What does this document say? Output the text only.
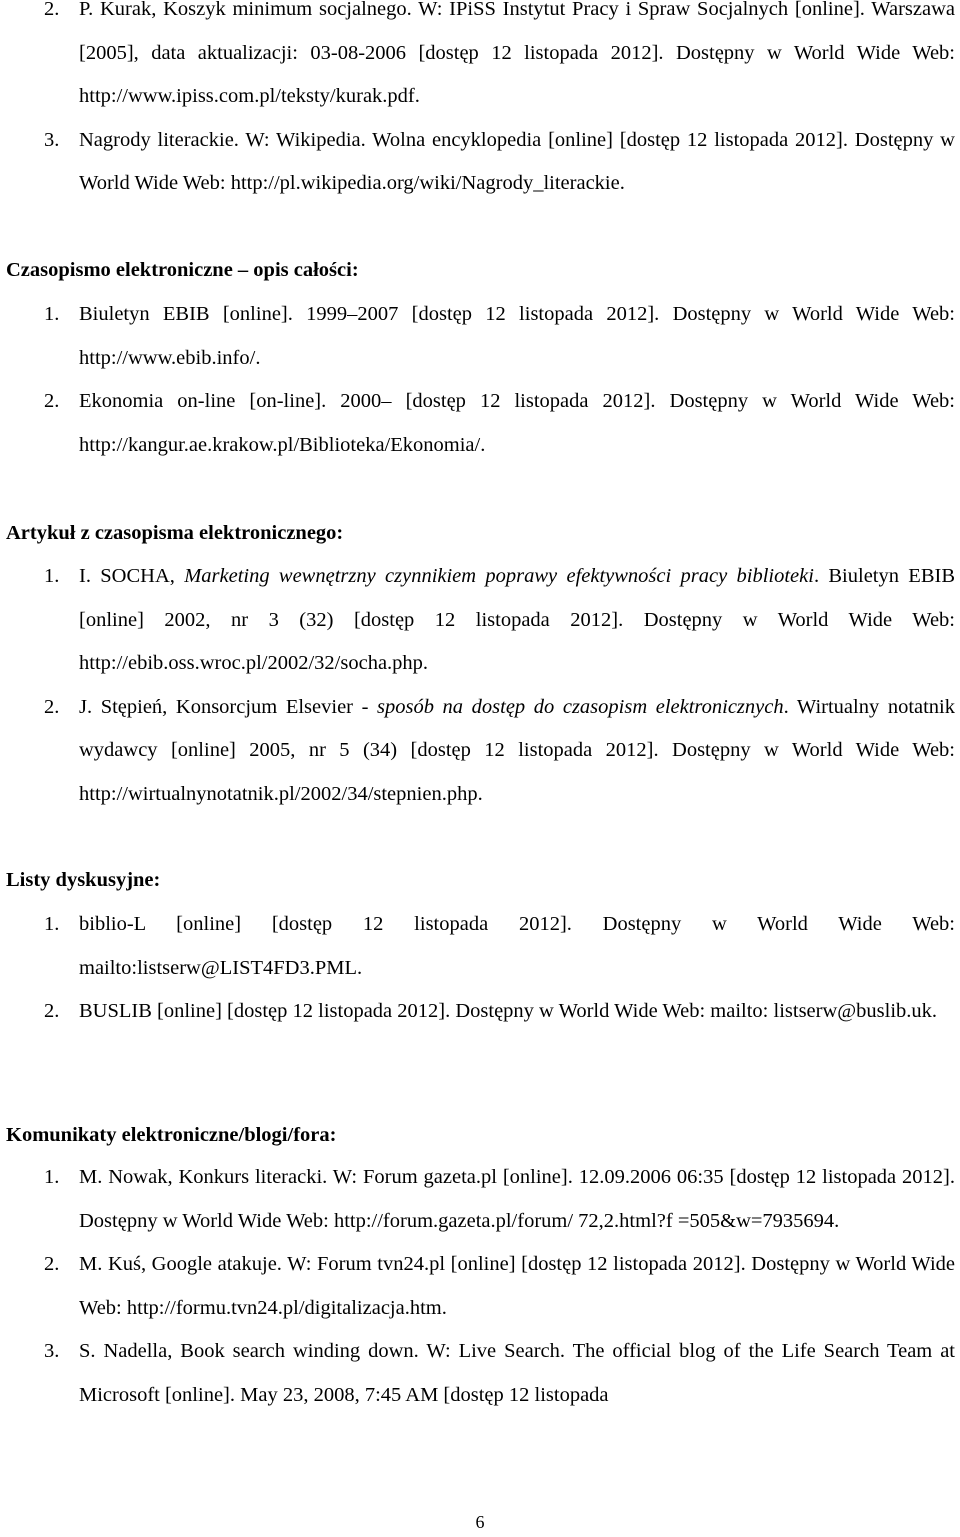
2. P. Kurak, Koszyk minimum socjalnego. W: IPiSS Instytut Pracy i Spraw Socjalnych [online]. Warszawa [2005], data aktualizacji: 03-08-2006 [dostęp 12 listopada 2012]. Dostępny w World Wide Web: http://www.ipiss.com.pl/teksty/kurak.pdf.
3. Nagrody literackie. W: Wikipedia. Wolna encyklopedia [online] [dostęp 12 listopada 2012]. Dostępny w World Wide Web: http://pl.wikipedia.org/wiki/Nagrody_literackie.
Czasopismo elektroniczne – opis całości:
1. Biuletyn EBIB [online]. 1999–2007 [dostęp 12 listopada 2012]. Dostępny w World Wide Web: http://www.ebib.info/.
2. Ekonomia on-line [on-line]. 2000– [dostęp 12 listopada 2012]. Dostępny w World Wide Web: http://kangur.ae.krakow.pl/Biblioteka/Ekonomia/.
Artykuł z czasopisma elektronicznego:
1. I. SOCHA, Marketing wewnętrzny czynnikiem poprawy efektywności pracy biblioteki. Biuletyn EBIB [online] 2002, nr 3 (32) [dostęp 12 listopada 2012]. Dostępny w World Wide Web: http://ebib.oss.wroc.pl/2002/32/socha.php.
2. J. Stępień, Konsorcjum Elsevier - sposób na dostęp do czasopism elektronicznych. Wirtualny notatnik wydawcy [online] 2005, nr 5 (34) [dostęp 12 listopada 2012]. Dostępny w World Wide Web: http://wirtualnynotatnik.pl/2002/34/stepnien.php.
Listy dyskusyjne:
1. biblio-L [online] [dostęp 12 listopada 2012]. Dostępny w World Wide Web: mailto:listserw@LIST4FD3.PML.
2. BUSLIB [online] [dostęp 12 listopada 2012]. Dostępny w World Wide Web: mailto: listserw@buslib.uk.
Komunikaty elektroniczne/blogi/fora:
1. M. Nowak, Konkurs literacki. W: Forum gazeta.pl [online]. 12.09.2006 06:35 [dostęp 12 listopada 2012]. Dostępny w World Wide Web: http://forum.gazeta.pl/forum/ 72,2.html?f =505&w=7935694.
2. M. Kuś, Google atakuje. W: Forum tvn24.pl [online] [dostęp 12 listopada 2012]. Dostępny w World Wide Web: http://formu.tvn24.pl/digitalizacja.htm.
3. S. Nadella, Book search winding down. W: Live Search. The official blog of the Life Search Team at Microsoft [online]. May 23, 2008, 7:45 AM [dostęp 12 listopada
6
